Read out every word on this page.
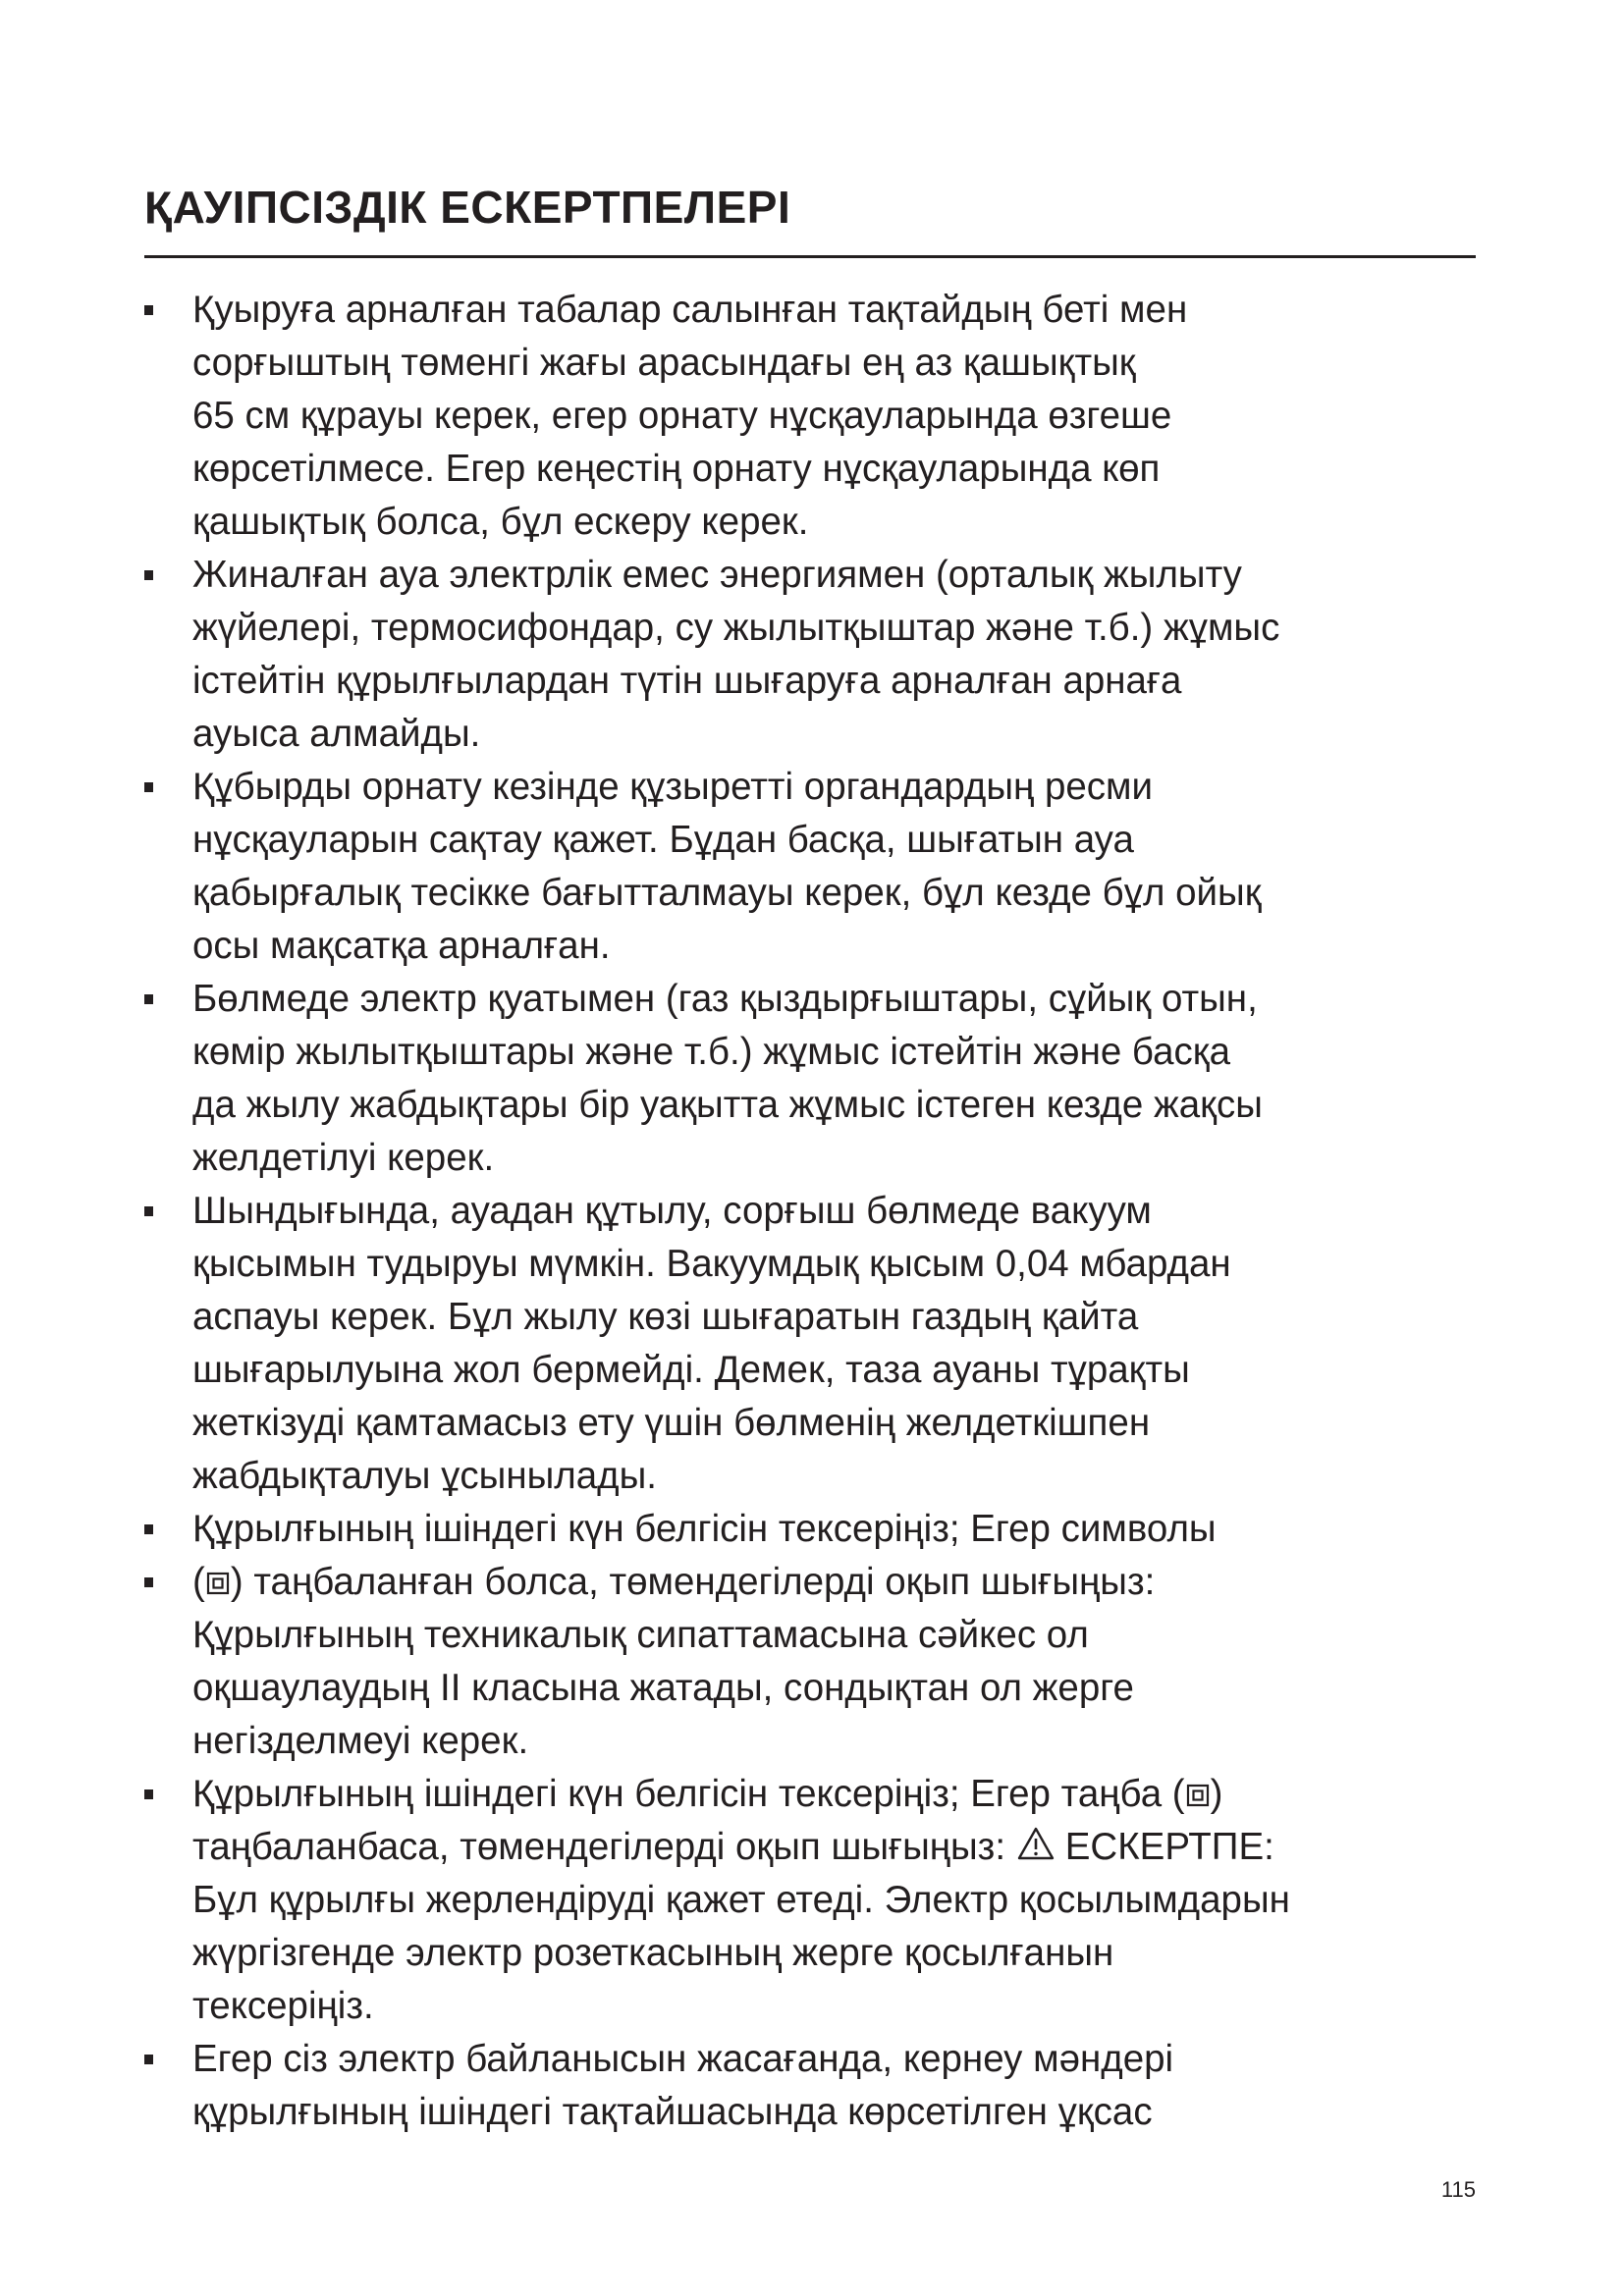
ҚАУІПСІЗДІК ЕСКЕРТПЕЛЕРІ
Қуыруға арналған табалар салынған тақтайдың беті мен
сорғыштың төменгі жағы арасындағы ең аз қашықтық
65 см құрауы керек, егер орнату нұсқауларында өзгеше
көрсетілмесе. Егер кеңестің орнату нұсқауларында көп
қашықтық болса, бұл ескеру керек.
Жиналған ауа электрлік емес энергиямен (орталық жылыту
жүйелері, термосифондар, су жылытқыштар және т.б.) жұмыс
істейтін құрылғылардан түтін шығаруға арналған арнаға
ауыса алмайды.
Құбырды орнату кезінде құзыретті органдардың ресми
нұсқауларын сақтау қажет. Бұдан басқа, шығатын ауа
қабырғалық тесікке бағытталмауы керек, бұл кезде бұл ойық
осы мақсатқа арналған.
Бөлмеде электр қуатымен (газ қыздырғыштары, сұйық отын,
көмір жылытқыштары және т.б.) жұмыс істейтін және басқа
да жылу жабдықтары бір уақытта жұмыс істеген кезде жақсы
желдетілуі керек.
Шындығында, ауадан құтылу, сорғыш бөлмеде вакуум
қысымын тудыруы мүмкін. Вакуумдық қысым 0,04 мбардан
аспауы керек. Бұл жылу көзі шығаратын газдың қайта
шығарылуына жол бермейді. Демек, таза ауаны тұрақты
жеткізуді қамтамасыз ету үшін бөлменің желдеткішпен
жабдықталуы ұсынылады.
Құрылғының ішіндегі күн белгісін тексеріңіз; Егер символы
( ) таңбаланған болса, төмендегілерді оқып шығыңыз:
Құрылғының техникалық сипаттамасына сәйкес ол
оқшаулаудың II класына жатады, сондықтан ол жерге
негізделмеуі керек.
Құрылғының ішіндегі күн белгісін тексеріңіз; Егер таңба ( )
таңбаланбаса, төмендегілерді оқып шығыңыз: ЕСКЕРТПЕ:
Бұл құрылғы жерлендіруді қажет етеді. Электр қосылымдарын
жүргізгенде электр розеткасының жерге қосылғанын
тексеріңіз.
Егер сіз электр байланысын жасағанда, кернеу мәндері
құрылғының ішіндегі тақтайшасында көрсетілген ұқсас
115
